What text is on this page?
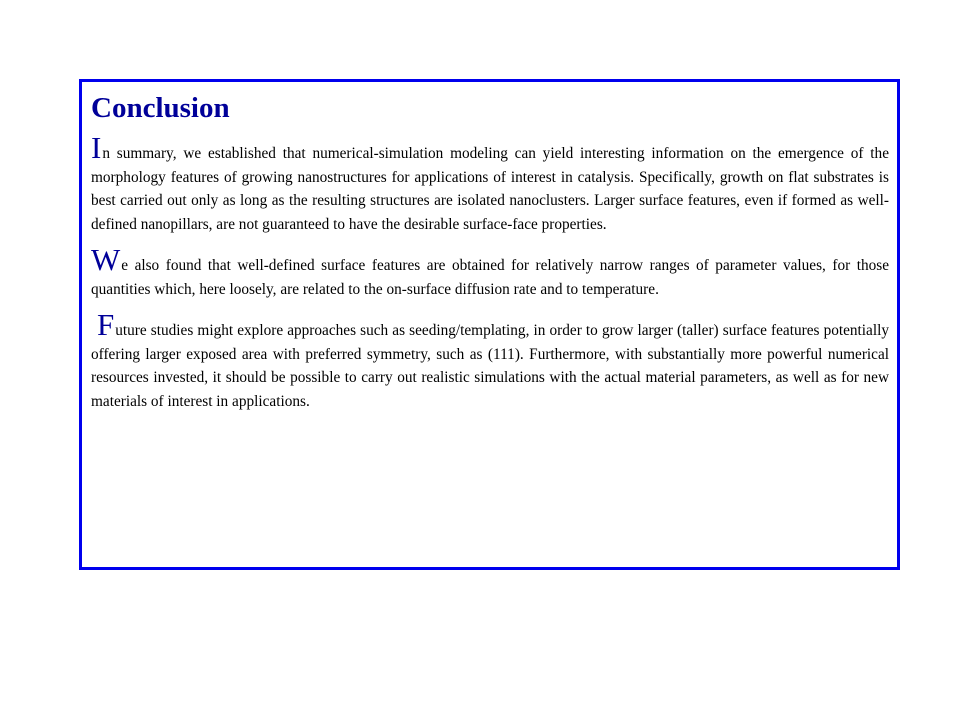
Conclusion

In summary, we established that numerical-simulation modeling can yield interesting information on the emergence of the morphology features of growing nanostructures for applications of interest in catalysis. Specifically, growth on flat substrates is best carried out only as long as the resulting structures are isolated nanoclusters. Larger surface features, even if formed as well-defined nanopillars, are not guaranteed to have the desirable surface-face properties.

We also found that well-defined surface features are obtained for relatively narrow ranges of parameter values, for those quantities which, here loosely, are related to the on-surface diffusion rate and to temperature.

Future studies might explore approaches such as seeding/templating, in order to grow larger (taller) surface features potentially offering larger exposed area with preferred symmetry, such as (111). Furthermore, with substantially more powerful numerical resources invested, it should be possible to carry out realistic simulations with the actual material parameters, as well as for new materials of interest in applications.
